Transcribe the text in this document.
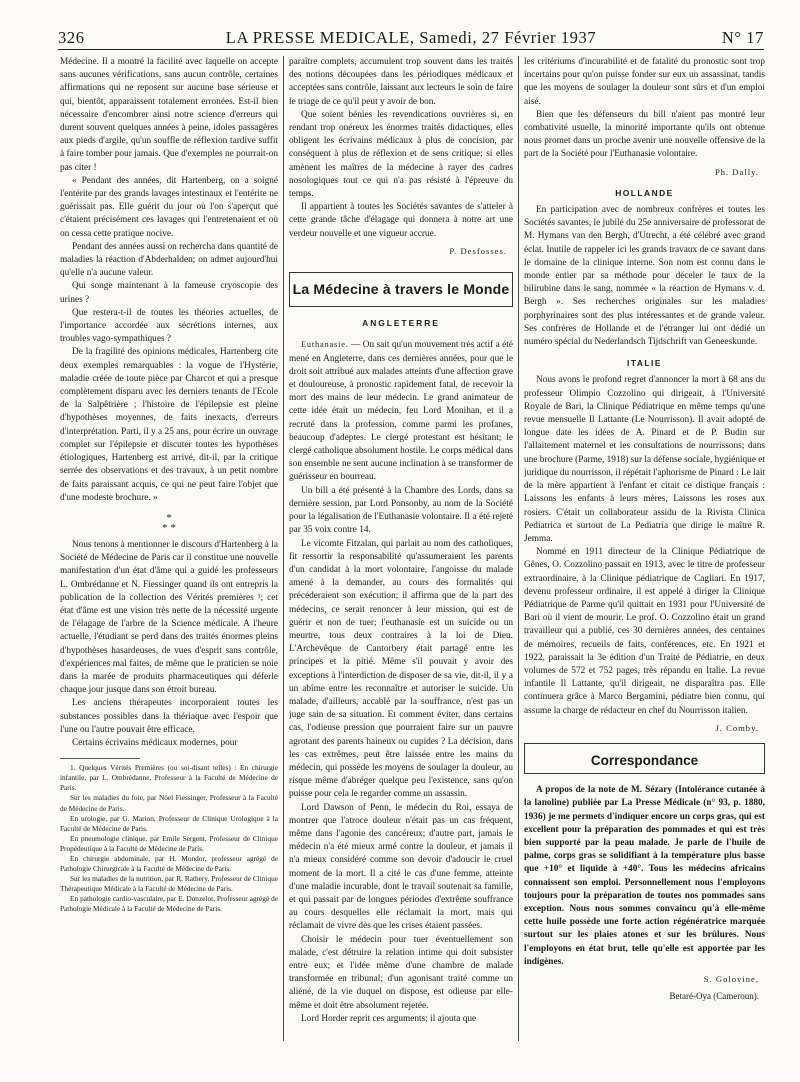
326	LA PRESSE MEDICALE, Samedi, 27 Février 1937	N° 17

Médecine. Il a montré la facilité avec laquelle on accepte sans aucunes vérifications, sans aucun contrôle, certaines affirmations qui ne reposent sur aucune base sérieuse et qui, bientôt, apparaissent totalement erronées. Est-il bien nécessaire d'encombrer ainsi notre science d'erreurs qui durent souvent quelques années à peine, idoles passagères aux pieds d'argile, qu'un souffle de réflexion tardive suffit à faire tomber pour jamais. Que d'exemples ne pourrait-on pas citer !

« Pendant des années, dit Hartenberg, on a soigné l'entérite par des grands lavages intestinaux et l'entérite ne guérissait pas. Elle guérit du jour où l'on s'aperçut que c'étaient précisément ces lavages qui l'entretenaient et où on cessa cette pratique nocive.

Pendant des années aussi on rechercha dans quantité de maladies la réaction d'Abderhalden; on admet aujourd'hui qu'elle n'a aucune valeur.

Qui songe maintenant à la fameuse cryoscopie des urines ?

Que restera-t-il de toutes les théories actuelles, de l'importance accordée aux sécrétions internes, aux troubles vago-sympathiques ?

De la fragilité des opinions médicales, Hartenberg cite deux exemples remarquables : la vogue de l'Hystérie, maladie créée de toute pièce par Charcot et qui a presque complètement disparu avec les derniers tenants de l'Ecole de la Salpêtrière ; l'histoire de l'épilepsie est pleine d'hypothèses moyennes, de faits inexacts, d'erreurs d'interprétation. Parti, il y a 25 ans, pour écrire un ouvrage complet sur l'épilepsie et discuter toutes les hypothèses étiologiques, Hartenberg est arrivé, dit-il, par la critique serrée des observations et des travaux, à un petit nombre de faits paraissant acquis, ce qui ne peut faire l'objet que d'une modeste brochure. »

*
* *

Nous tenons à mentionner le discours d'Hartenberg à la Société de Médecine de Paris car il constitue une nouvelle manifestation d'un état d'âme qui a guidé les professeurs L. Ombrédanne et N. Fiessinger quand ils ont entrepris la publication de la collection des Vérités premières ¹; cet état d'âme est une vision très nette de la nécessité urgente de l'élagage de l'arbre de la Science médicale. A l'heure actuelle, l'étudiant se perd dans des traités énormes pleins d'hypothèses hasardeuses, de vues d'esprit sans contrôle, d'expériences mal faites, de même que le praticien se noie dans la marée de produits pharmaceutiques qui déferle chaque jour jusque dans son étroit bureau.

Les anciens thérapeutes incorporaient toutes les substances possibles dans la thériaque avec l'espoir que l'une ou l'autre pouvait être efficace.

Certains écrivains médicaux modernes, pour

1. Quelques Vérités Premières (ou soi-disant telles) : En chirurgie infantile, par L. Ombrédanne, Professeur à la Faculté de Médecine de Paris.

Sur les maladies du foie, par Nöel Fiessinger, Professeur à la Faculté de Médecine de Paris.

En urologie, par G. Marion, Professeur de Clinique Urologique à la Faculté de Médecine de Paris.

En pneumologie clinique, par Emile Sergent, Professeur de Clinique Propédeutique à la Faculté de Médecine de Paris.

En chirurgie abdominale, par H. Mondor, professeur agrégé de Pathologie Chirurgicale à la Faculté de Médecine de Paris.

Sur les maladies de la nutrition, par R. Rathery, Professeur de Clinique Thérapeutique Médicale à la Faculté de Médecine de Paris.

En pathologie cardio-vasculaire, par E. Donzelot, Professeur agrégé de Pathologie Médicale à la Faculté de Médecine de Paris.

paraître complets, accumulent trop souvent dans les traités des notions découpées dans les périodiques médicaux et acceptées sans contrôle, laissant aux lecteurs le soin de faire le triage de ce qu'il peut y avoir de bon.

Que soient bénies les revendications ouvrières si, en rendant trop onéreux les énormes traités didactiques, elles obligent les écrivains médicaux à plus de concision, par conséquent à plus de réflexion et de sens critique; si elles amènent les maîtres de la médecine à rayer des cadres nosologiques tout ce qui n'a pas résisté à l'épreuve du temps.

Il appartient à toutes les Sociétés savantes de s'atteler à cette grande tâche d'élagage qui donnera à notre art une verdeur nouvelle et une vigueur accrue.

P. Desfosses.
La Médecine à travers le Monde
ANGLETERRE

Euthanasie. — On sait qu'un mouvement très actif a été mené en Angleterre, dans ces dernières années, pour que le droit soit attribué aux malades atteints d'une affection grave et douloureuse, à pronostic rapidement fatal, de recevoir la mort des mains de leur médecin. Le grand animateur de cette idée était un médecin, feu Lord Monihan, et il a recruté dans la profession, comme parmi les profanes, beaucoup d'adeptes. Le clergé protestant est hésitant; le clergé catholique absolument hostile. Le corps médical dans son ensemble ne sent aucune inclination à se transformer de guérisseur en bourreau.

Un bill a été présenté à la Chambre des Lords, dans sa dernière session, par Lord Ponsonby, au nom de la Société pour la légalisation de l'Euthanasie volontaire. Il a été rejeté par 35 voix contre 14.

Le vicomte Fitzalan, qui parlait au nom des catholiques, fit ressortir la responsabilité qu'assumeraient les parents d'un candidat à la mort volontaire, l'angoisse du malade amené à la demander, au cours des formalités qui précéderaient son exécution; il affirma que de la part des médecins, ce serait renoncer à leur mission, qui est de guérir et non de tuer; l'euthanasie est un suicide ou un meurtre, tous deux contraires à la loi de Dieu. L'Archevêque de Cantorbery était partagé entre les principes et la pitié. Même s'il pouvait y avoir des exceptions à l'interdiction de disposer de sa vie, dit-il, il y a un abîme entre les reconnaître et autoriser le suicide. Un malade, d'ailleurs, accablé par la souffrance, n'est pas un juge sain de sa situation. Et comment éviter, dans certains cas, l'odieuse pression que pourraient faire sur un pauvre agrotant des parents haineux ou cupides ? La décision, dans les cas extrêmes, peut être laissée entre les mains du médecin, qui possède les moyens de soulager la douleur, au risque même d'abréger quelque peu l'existence, sans qu'on puisse pour cela le regarder comme un assassin.

Lord Dawson of Penn, le médecin du Roi, essaya de montrer que l'atroce douleur n'était pas un cas fréquent, même dans l'agonie des cancéreux; d'autre part, jamais le médecin n'a été mieux armé contre la douleur, et jamais il n'a mieux considéré comme son devoir d'adoucir le cruel moment de la mort. Il a cité le cas d'une femme, atteinte d'une maladie incurable, dont le travail soutenait sa famille, et qui passait par de longues périodes d'extrême souffrance au cours desquelles elle réclamait la mort, mais qui réclamait de vivre dès que les crises étaient passées.

Choisir le médecin pour tuer éventuellement son malade, c'est détruire la relation intime qui doit subsister entre eux; et l'idée même d'une chambre de malade transformée en tribunal; d'un agonisant traité comme un aliéné, de la vie duquel on dispose, est odieuse par elle-même et doit être absolument rejetée.

Lord Horder reprit ces arguments; il ajouta que

les critériums d'incurabilité et de fatalité du pronostic sont trop incertains pour qu'on puisse fonder sur eux un assassinat, tandis que les moyens de soulager la douleur sont sûrs et d'un emploi aisé.

Bien que les défenseurs du bill n'aient pas montré leur combativité usuelle, la minorité importante qu'ils ont obtenue nous promet dans un proche avenir une nouvelle offensive de la part de la Société pour l'Euthanasie volontaire.

Ph. Dally.
HOLLANDE

En participation avec de nombreux confrères et toutes les Sociétés savantes, le jubilé du 25e anniversaire de professorat de M. Hymans van den Bergh, d'Utrecht, a été célébré avec grand éclat. Inutile de rappeler ici les grands travaux de ce savant dans le domaine de la clinique interne. Son nom est connu dans le monde entier par sa méthode pour déceler le taux de la bilirubine dans le sang, nommée « la réaction de Hymans v. d. Bergh ». Ses recherches originales sur les maladies porphyrinaires sont des plus intéressantes et de grande valeur. Ses confrères de Hollande et de l'étranger lui ont dédié un numéro spécial du Nederlandsch Tijdschrift van Geneeskunde.

ITALIE

Nous avons le profond regret d'annoncer la mort à 68 ans du professeur Olimpio Cozzolino qui dirigeait, à l'Université Royale de Bari, la Clinique Pédiatrique en même temps qu'une revue mensuelle Il Lattante (Le Nourrisson). Il avait adopté de longue date les idées de A. Pinard et de P. Budin sur l'allaitement maternel et les consultations de nourrissons; dans une brochure (Parme, 1918) sur la défense sociale, hygiénique et juridique du nourrisson, il répétait l'aphorisme de Pinard : Le lait de la mère appartient à l'enfant et citait ce distique français : Laissons les enfants à leurs mères, Laissons les roses aux rosiers. C'était un collaborateur assidu de la Rivista Clinica Pediatrica et surtout de La Pediatria que dirige le maître R. Jemma.

Nommé en 1911 directeur de la Clinique Pédiatrique de Gênes, O. Cozzolino passait en 1913, avec le titre de professeur extraordinaire, à la Clinique pédiatrique de Cagliari. En 1917, devenu professeur ordinaire, il est appelé à diriger la Clinique Pédiatrique de Parme qu'il quittait en 1931 pour l'Université de Bari où il vient de mourir. Le prof. O. Cozzolino était un grand travailleur qui a publié, ces 30 dernières années, des centaines de mémoires, recueils de faits, conférences, etc. En 1921 et 1922, paraissait la 3e édition d'un Traité de Pédiatrie, en deux volumes de 572 et 752 pages, très répandu en Italie. La revue infantile Il Lattante, qu'il dirigeait, ne disparaîtra pas. Elle continuera grâce à Marco Bergamini, pédiatre bien connu, qui assume la charge de rédacteur en chef du Nourrisson italien.

J. Comby.
Correspondance

A propos de la note de M. Sézary (Intolérance cutanée à la lanoline) publiée par La Presse Médicale (n° 93, p. 1880, 1936) je me permets d'indiquer encore un corps gras, qui est excellent pour la préparation des pommades et qui est très bien supporté par la peau malade. Je parle de l'huile de palme, corps gras se solidifiant à la température plus basse que +10° et liquide à +40°. Tous les médecins africains connaissent son emploi. Personnellement nous l'employons toujours pour la préparation de toutes nos pommades sans exception. Nous nous sommes convaincu qu'à elle-même cette huile possède une forte action régénératrice marquée surtout sur les plaies atones et sur les brûlures. Nous l'employons en état brut, telle qu'elle est apportée par les indigènes.

S. Golovine,
Betaré-Oya (Cameroun).
